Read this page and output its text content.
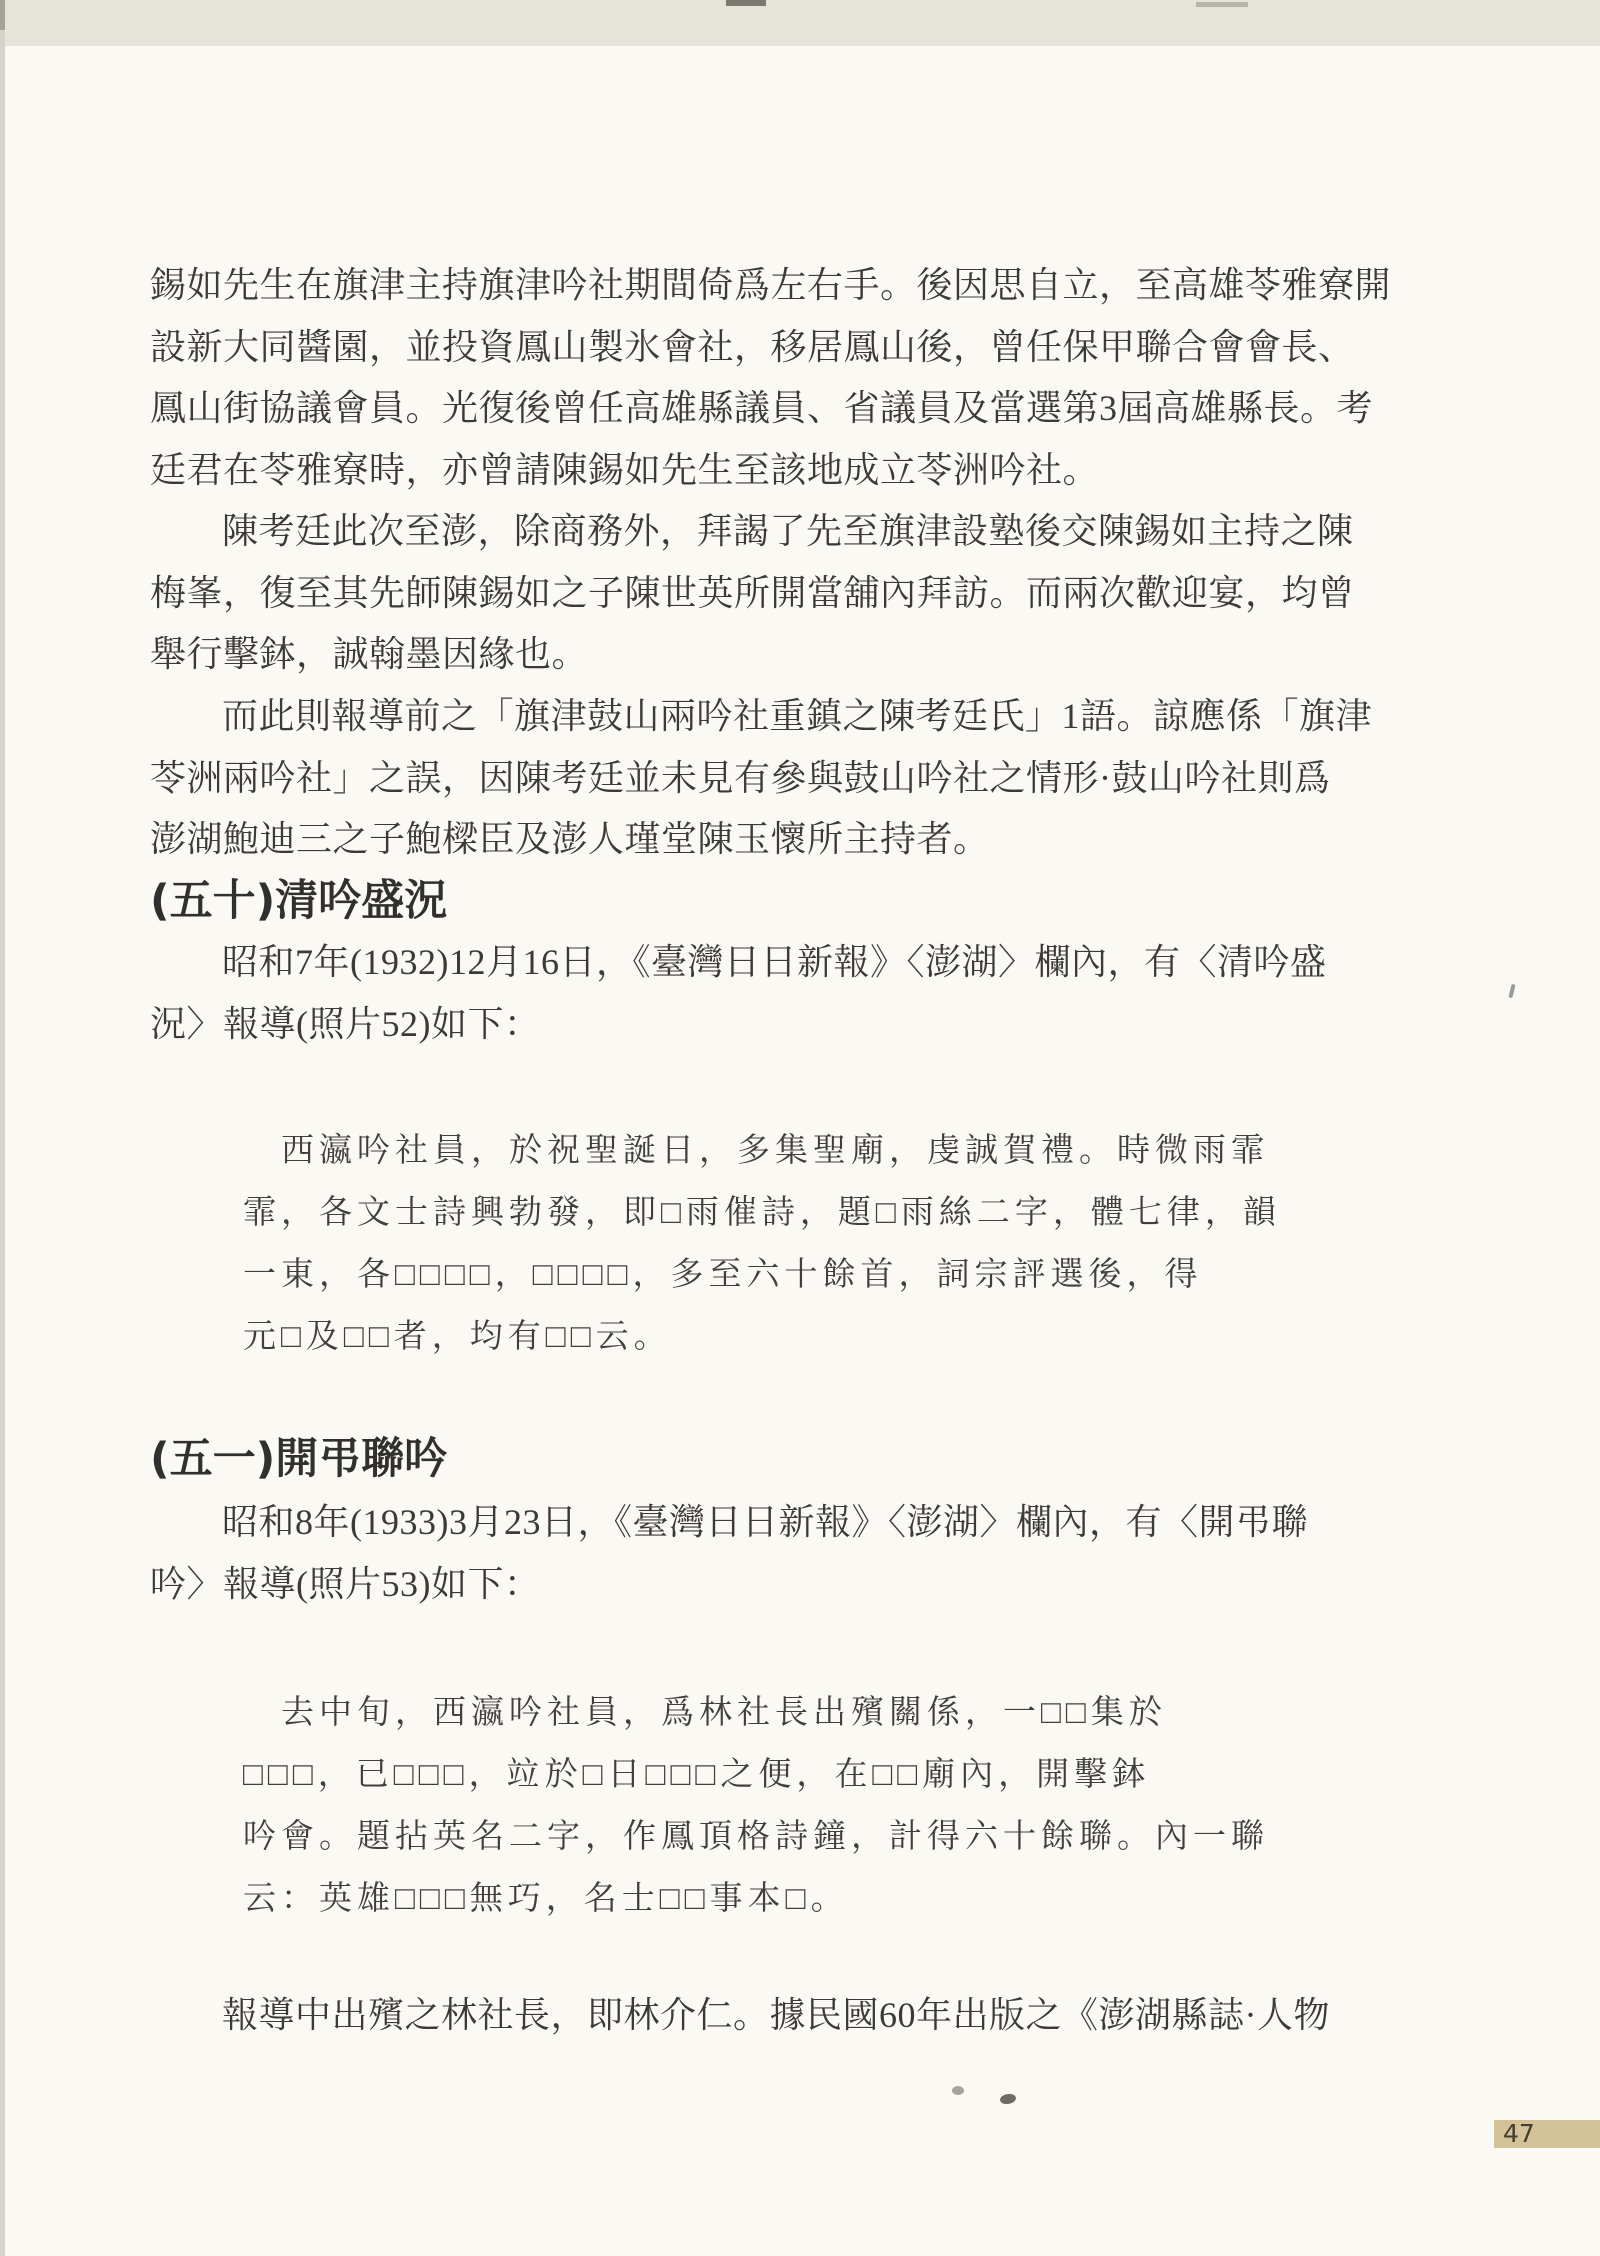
錫如先生在旗津主持旗津吟社期間倚爲左右手。後因思自立，至高雄苓雅寮開
設新大同醬園，並投資鳳山製氷會社，移居鳳山後，曾任保甲聯合會會長、
鳳山街協議會員。光復後曾任高雄縣議員、省議員及當選第3屆高雄縣長。考
廷君在苓雅寮時，亦曾請陳錫如先生至該地成立苓洲吟社。
陳考廷此次至澎，除商務外，拜謁了先至旗津設塾後交陳錫如主持之陳
梅峯，復至其先師陳錫如之子陳世英所開當舖內拜訪。而兩次歡迎宴，均曾
舉行擊鉢，誠翰墨因緣也。
而此則報導前之「旗津鼓山兩吟社重鎮之陳考廷氏」1語。諒應係「旗津
苓洲兩吟社」之誤，因陳考廷並未見有參與鼓山吟社之情形·鼓山吟社則爲
澎湖鮑迪三之子鮑樑臣及澎人瑾堂陳玉懷所主持者。
(五十)清吟盛況
昭和7年(1932)12月16日，《臺灣日日新報》〈澎湖〉欄內，有〈清吟盛
況〉報導(照片52)如下：
西瀛吟社員，於祝聖誕日，多集聖廟，虔誠賀禮。時微雨霏
霏，各文士詩興勃發，即□雨催詩，題□雨絲二字，體七律，韻
一東，各□□□□，□□□□，多至六十餘首，詞宗評選後，得
元□及□□者，均有□□云。
(五一)開弔聯吟
昭和8年(1933)3月23日，《臺灣日日新報》〈澎湖〉欄內，有〈開弔聯
吟〉報導(照片53)如下：
去中旬，西瀛吟社員，爲林社長出殯關係，一□□集於
□□□，已□□□，竝於□日□□□之便，在□□廟內，開擊鉢
吟會。題拈英名二字，作鳳頂格詩鐘，計得六十餘聯。內一聯
云：英雄□□□無巧，名士□□事本□。
報導中出殯之林社長，即林介仁。據民國60年出版之《澎湖縣誌·人物
47
